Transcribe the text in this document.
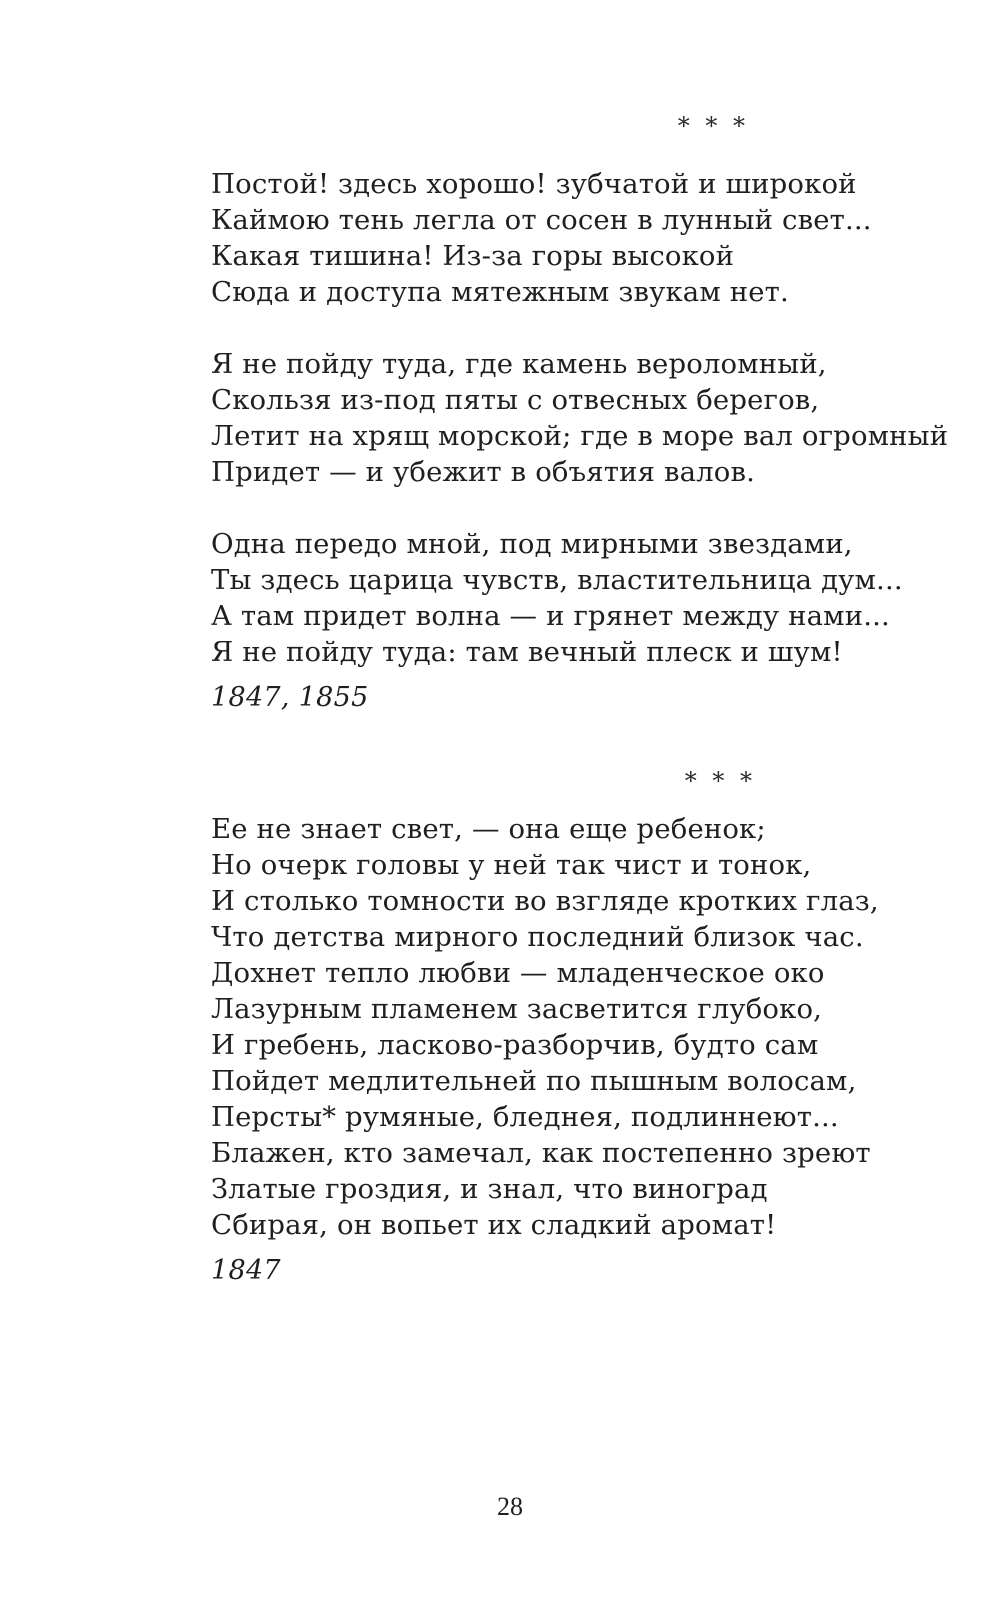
* * *
Постой! здесь хорошо! зубчатой и широкой
Каймою тень легла от сосен в лунный свет...
Какая тишина! Из-за горы высокой
Сюда и доступа мятежным звукам нет.
Я не пойду туда, где камень вероломный,
Скользя из-под пяты с отвесных берегов,
Летит на хрящ морской; где в море вал огромный
Придет — и убежит в объятия валов.
Одна передо мной, под мирными звездами,
Ты здесь царица чувств, властительница дум...
А там придет волна — и грянет между нами...
Я не пойду туда: там вечный плеск и шум!
1847, 1855
* * *
Ее не знает свет, — она еще ребенок;
Но очерк головы у ней так чист и тонок,
И столько томности во взгляде кротких глаз,
Что детства мирного последний близок час.
Дохнет тепло любви — младенческое око
Лазурным пламенем засветится глубоко,
И гребень, ласково-разборчив, будто сам
Пойдет медлительней по пышным волосам,
Персты* румяные, бледнея, подлиннеют...
Блажен, кто замечал, как постепенно зреют
Златые гроздия, и знал, что виноград
Сбирая, он вопьет их сладкий аромат!
1847
28
